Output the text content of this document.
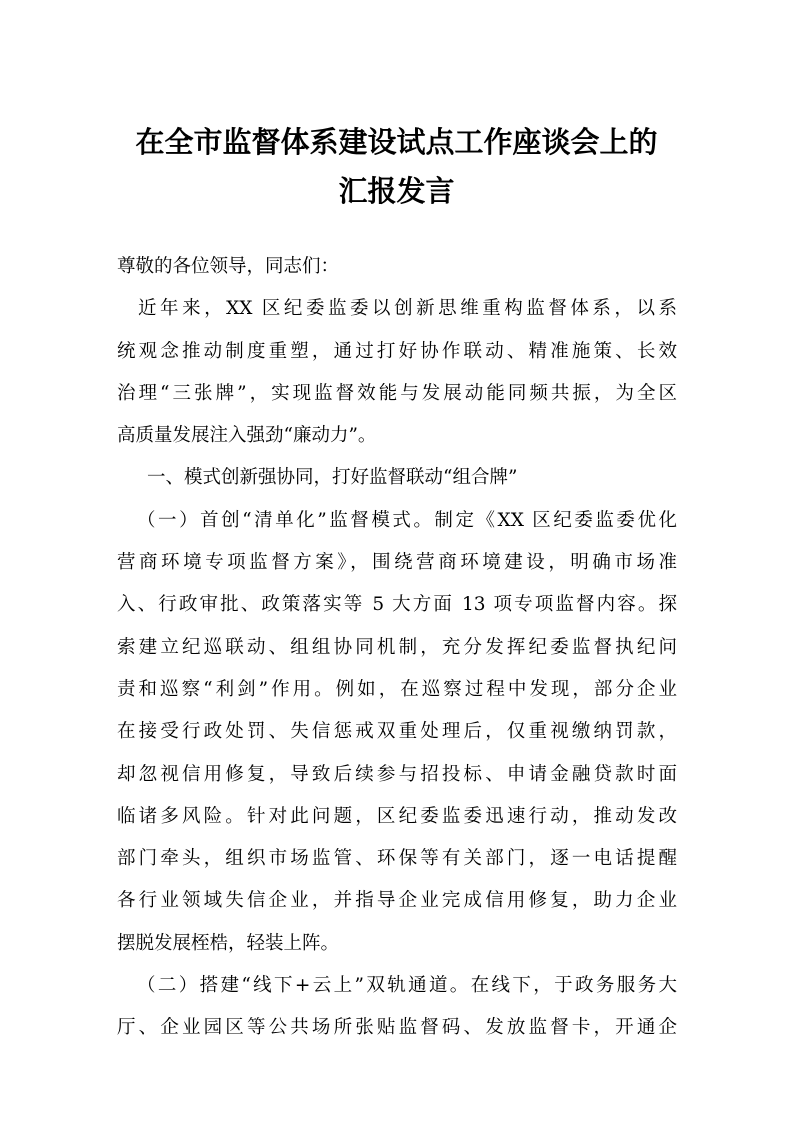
在全市监督体系建设试点工作座谈会上的
汇报发言
尊敬的各位领导，同志们：
近年来，XX 区纪委监委以创新思维重构监督体系，以系
统观念推动制度重塑，通过打好协作联动、精准施策、长效
治理“三张牌”，实现监督效能与发展动能同频共振，为全区
高质量发展注入强劲“廉动力”。
一、模式创新强协同，打好监督联动“组合牌”
（一）首创“清单化”监督模式。制定《XX 区纪委监委优化
营商环境专项监督方案》，围绕营商环境建设，明确市场准
入、行政审批、政策落实等 5 大方面 13 项专项监督内容。探
索建立纪巡联动、组组协同机制，充分发挥纪委监督执纪问
责和巡察“利剑”作用。例如，在巡察过程中发现，部分企业
在接受行政处罚、失信惩戒双重处理后，仅重视缴纳罚款，
却忽视信用修复，导致后续参与招投标、申请金融贷款时面
临诸多风险。针对此问题，区纪委监委迅速行动，推动发改
部门牵头，组织市场监管、环保等有关部门，逐一电话提醒
各行业领域失信企业，并指导企业完成信用修复，助力企业
摆脱发展桎梏，轻装上阵。
（二）搭建“线下+云上”双轨通道。在线下，于政务服务大
厅、企业园区等公共场所张贴监督码、发放监督卡，开通企
